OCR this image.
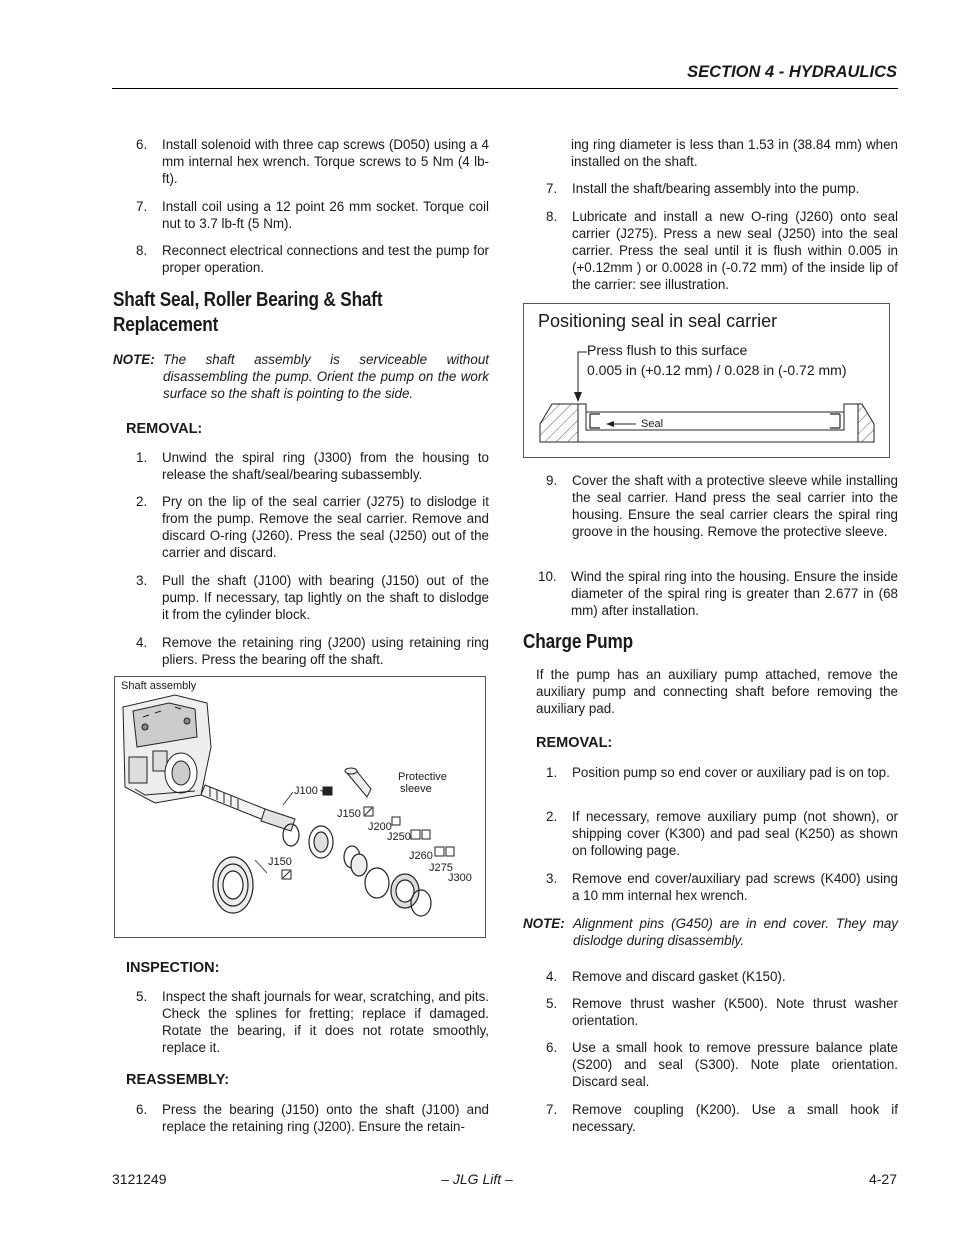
SECTION 4 - HYDRAULICS
6.	Install solenoid with three cap screws (D050) using a 4 mm internal hex wrench. Torque screws to 5 Nm (4 lb-ft).
7.	Install coil using a 12 point 26 mm socket. Torque coil nut to 3.7 lb-ft (5 Nm).
8.	Reconnect electrical connections and test the pump for proper operation.
Shaft Seal, Roller Bearing & Shaft Replacement
NOTE: The shaft assembly is serviceable without disassembling the pump. Orient the pump on the work surface so the shaft is pointing to the side.
REMOVAL:
1.	Unwind the spiral ring (J300) from the housing to release the shaft/seal/bearing subassembly.
2.	Pry on the lip of the seal carrier (J275) to dislodge it from the pump. Remove the seal carrier. Remove and discard O-ring (J260). Press the seal (J250) out of the carrier and discard.
3.	Pull the shaft (J100) with bearing (J150) out of the pump. If necessary, tap lightly on the shaft to dislodge it from the cylinder block.
4.	Remove the retaining ring (J200) using retaining ring pliers. Press the bearing off the shaft.
Shaft assembly
Protective
sleeve
J100
J150
J200
J250
J150	J260
J275
J300
INSPECTION:
5.	Inspect the shaft journals for wear, scratching, and pits. Check the splines for fretting; replace if damaged. Rotate the bearing, if it does not rotate smoothly, replace it.
REASSEMBLY:
6.	Press the bearing (J150) onto the shaft (J100) and replace the retaining ring (J200). Ensure the retain-
ing ring diameter is less than 1.53 in (38.84 mm) when installed on the shaft.
7.	Install the shaft/bearing assembly into the pump.
8.	Lubricate and install a new O-ring (J260) onto seal carrier (J275). Press a new seal (J250) into the seal carrier. Press the seal until it is flush within 0.005 in (+0.12mm ) or 0.0028 in (-0.72 mm) of the inside lip of the carrier: see illustration.
Positioning seal in seal carrier
Press flush to this surface
0.005 in (+0.12 mm) / 0.028 in (-0.72 mm)
Seal
9.	Cover the shaft with a protective sleeve while installing the seal carrier. Hand press the seal carrier into the housing. Ensure the seal carrier clears the spiral ring groove in the housing. Remove the protective sleeve.
10.	Wind the spiral ring into the housing. Ensure the inside diameter of the spiral ring is greater than 2.677 in (68 mm) after installation.
Charge Pump
If the pump has an auxiliary pump attached, remove the auxiliary pump and connecting shaft before removing the auxiliary pad.
REMOVAL:
1.	Position pump so end cover or auxiliary pad is on top.
2.	If necessary, remove auxiliary pump (not shown), or shipping cover (K300) and pad seal (K250) as shown on following page.
3.	Remove end cover/auxiliary pad screws (K400) using a 10 mm internal hex wrench.
NOTE: Alignment pins (G450) are in end cover. They may dislodge during disassembly.
4.	Remove and discard gasket (K150).
5.	Remove thrust washer (K500). Note thrust washer orientation.
6.	Use a small hook to remove pressure balance plate (S200) and seal (S300). Note plate orientation. Discard seal.
7.	Remove coupling (K200). Use a small hook if necessary.
– JLG Lift –
3121249	4-27
